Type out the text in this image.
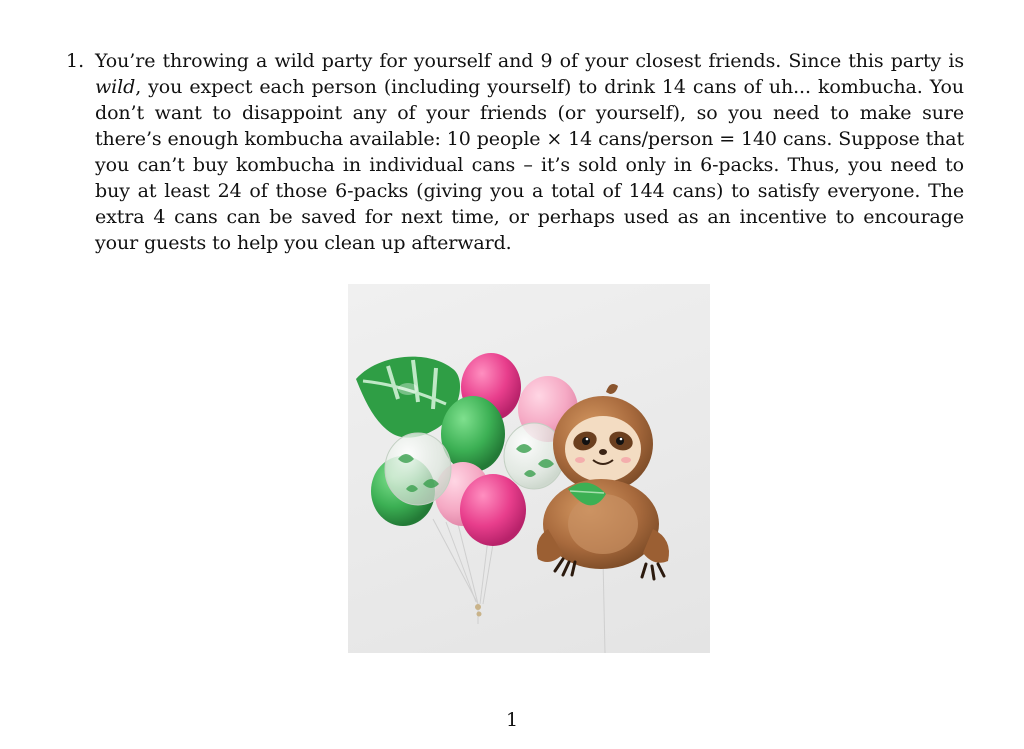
1. You’re throwing a wild party for yourself and 9 of your closest friends. Since this party is wild, you expect each person (including yourself) to drink 14 cans of uh... kombucha. You don’t want to disappoint any of your friends (or yourself), so you need to make sure there’s enough kombucha available: 10 people × 14 cans/person = 140 cans. Suppose that you can’t buy kombucha in individual cans – it’s sold only in 6-packs. Thus, you need to buy at least 24 of those 6-packs (giving you a total of 144 cans) to satisfy everyone. The extra 4 cans can be saved for next time, or perhaps used as an incentive to encourage your guests to help you clean up afterward.
1
